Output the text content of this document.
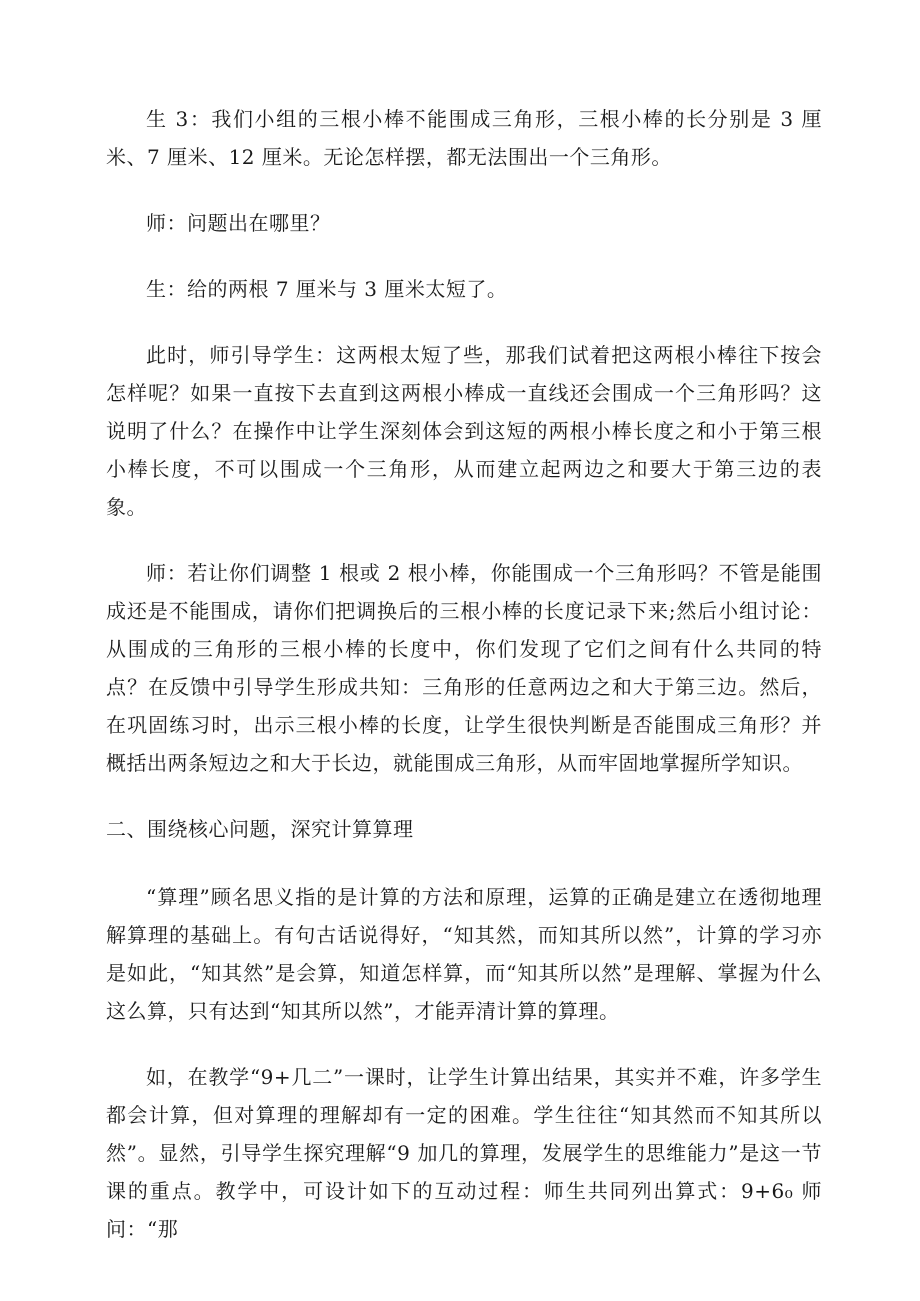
生 3：我们小组的三根小棒不能围成三角形，三根小棒的长分别是 3 厘米、7 厘米、12 厘米。无论怎样摆，都无法围出一个三角形。

师：问题出在哪里？

生：给的两根 7 厘米与 3 厘米太短了。

此时，师引导学生：这两根太短了些，那我们试着把这两根小棒往下按会怎样呢？如果一直按下去直到这两根小棒成一直线还会围成一个三角形吗？这说明了什么？在操作中让学生深刻体会到这短的两根小棒长度之和小于第三根小棒长度，不可以围成一个三角形，从而建立起两边之和要大于第三边的表象。

师：若让你们调整 1 根或 2 根小棒，你能围成一个三角形吗？不管是能围成还是不能围成，请你们把调换后的三根小棒的长度记录下来;然后小组讨论：从围成的三角形的三根小棒的长度中，你们发现了它们之间有什么共同的特点？在反馈中引导学生形成共知：三角形的任意两边之和大于第三边。然后，在巩固练习时，出示三根小棒的长度，让学生很快判断是否能围成三角形？并概括出两条短边之和大于长边，就能围成三角形，从而牢固地掌握所学知识。

二、围绕核心问题，深究计算算理

“算理”顾名思义指的是计算的方法和原理，运算的正确是建立在透彻地理解算理的基础上。有句古话说得好，“知其然，而知其所以然”，计算的学习亦是如此，“知其然”是会算，知道怎样算，而“知其所以然”是理解、掌握为什么这么算，只有达到“知其所以然”，才能弄清计算的算理。

如，在教学“9+几二”一课时，让学生计算出结果，其实并不难，许多学生都会计算，但对算理的理解却有一定的困难。学生往往“知其然而不知其所以然”。显然，引导学生探究理解“9 加几的算理，发展学生的思维能力”是这一节课的重点。教学中，可设计如下的互动过程：师生共同列出算式：9+6₀ 师问：“那
